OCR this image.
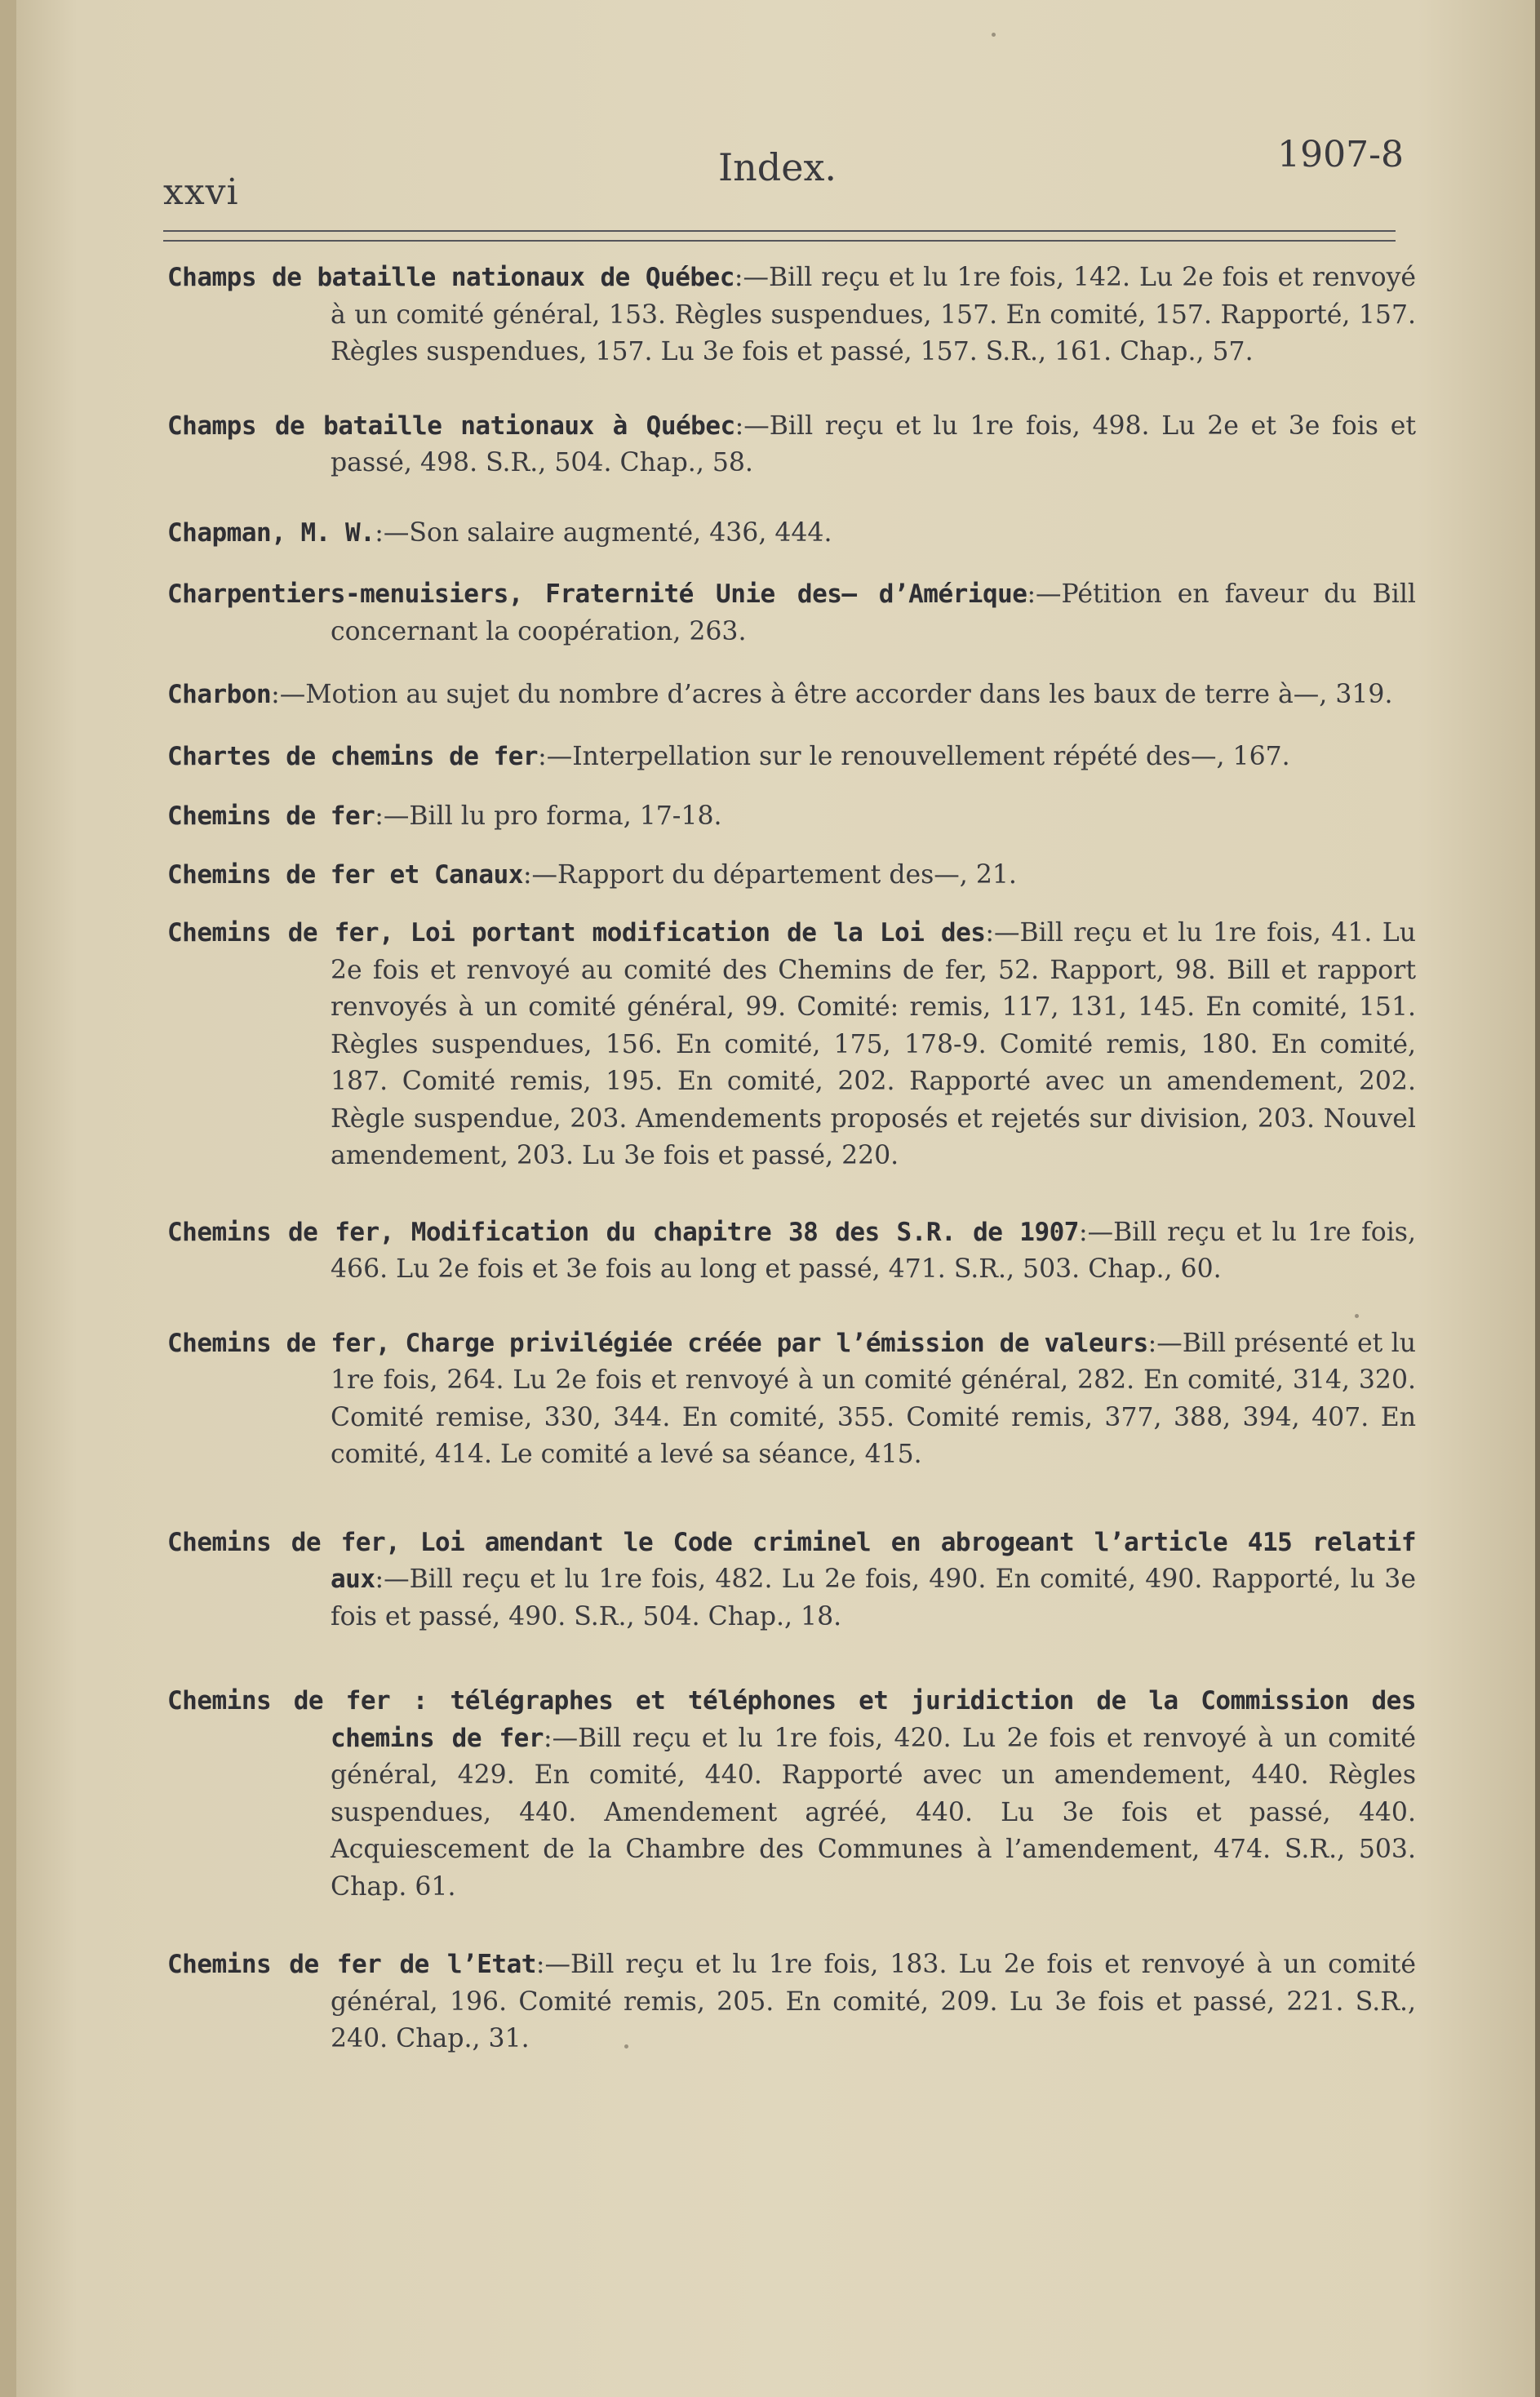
xxvi
Index.	1907-8
Champs de bataille nationaux de Québec:—Bill reçu et lu 1re fois, 142. Lu 2e fois et renvoyé à un comité général, 153. Règles suspendues, 157. En comité, 157. Rapporté, 157. Règles suspendues, 157. Lu 3e fois et passé, 157. S.R., 161. Chap., 57.
Champs de bataille nationaux à Québec:—Bill reçu et lu 1re fois, 498. Lu 2e et 3e fois et passé, 498. S.R., 504. Chap., 58.
Chapman, M. W.:—Son salaire augmenté, 436, 444.
Charpentiers-menuisiers, Fraternité Unie des— d’Amérique:—Pétition en faveur du Bill concernant la coopération, 263.
Charbon:—Motion au sujet du nombre d’acres à être accorder dans les baux de terre à—, 319.
Chartes de chemins de fer:—Interpellation sur le renouvellement répété des—, 167.
Chemins de fer:—Bill lu pro forma, 17-18.
Chemins de fer et Canaux:—Rapport du département des—, 21.
Chemins de fer, Loi portant modification de la Loi des:—Bill reçu et lu 1re fois, 41. Lu 2e fois et renvoyé au comité des Chemins de fer, 52. Rapport, 98. Bill et rapport renvoyés à un comité général, 99. Comité: remis, 117, 131, 145. En comité, 151. Règles suspendues, 156. En comité, 175, 178-9. Comité remis, 180. En comité, 187. Comité remis, 195. En comité, 202. Rapporté avec un amendement, 202. Règle suspendue, 203. Amendements proposés et rejetés sur division, 203. Nouvel amendement, 203. Lu 3e fois et passé, 220.
Chemins de fer, Modification du chapitre 38 des S.R. de 1907:—Bill reçu et lu 1re fois, 466. Lu 2e fois et 3e fois au long et passé, 471. S.R., 503. Chap., 60.
Chemins de fer, Charge privilégiée créée par l’émission de valeurs:—Bill présenté et lu 1re fois, 264. Lu 2e fois et renvoyé à un comité général, 282. En comité, 314, 320. Comité remise, 330, 344. En comité, 355. Comité remis, 377, 388, 394, 407. En comité, 414. Le comité a levé sa séance, 415.
Chemins de fer, Loi amendant le Code criminel en abrogeant l’article 415 relatif aux:—Bill reçu et lu 1re fois, 482. Lu 2e fois, 490. En comité, 490. Rapporté, lu 3e fois et passé, 490. S.R., 504. Chap., 18.
Chemins de fer : télégraphes et téléphones et juridiction de la Commission des chemins de fer:—Bill reçu et lu 1re fois, 420. Lu 2e fois et renvoyé à un comité général, 429. En comité, 440. Rapporté avec un amendement, 440. Règles suspendues, 440. Amendement agréé, 440. Lu 3e fois et passé, 440. Acquiescement de la Chambre des Communes à l’amendement, 474. S.R., 503. Chap. 61.
Chemins de fer de l’Etat:—Bill reçu et lu 1re fois, 183. Lu 2e fois et renvoyé à un comité général, 196. Comité remis, 205. En comité, 209. Lu 3e fois et passé, 221. S.R., 240. Chap., 31.
